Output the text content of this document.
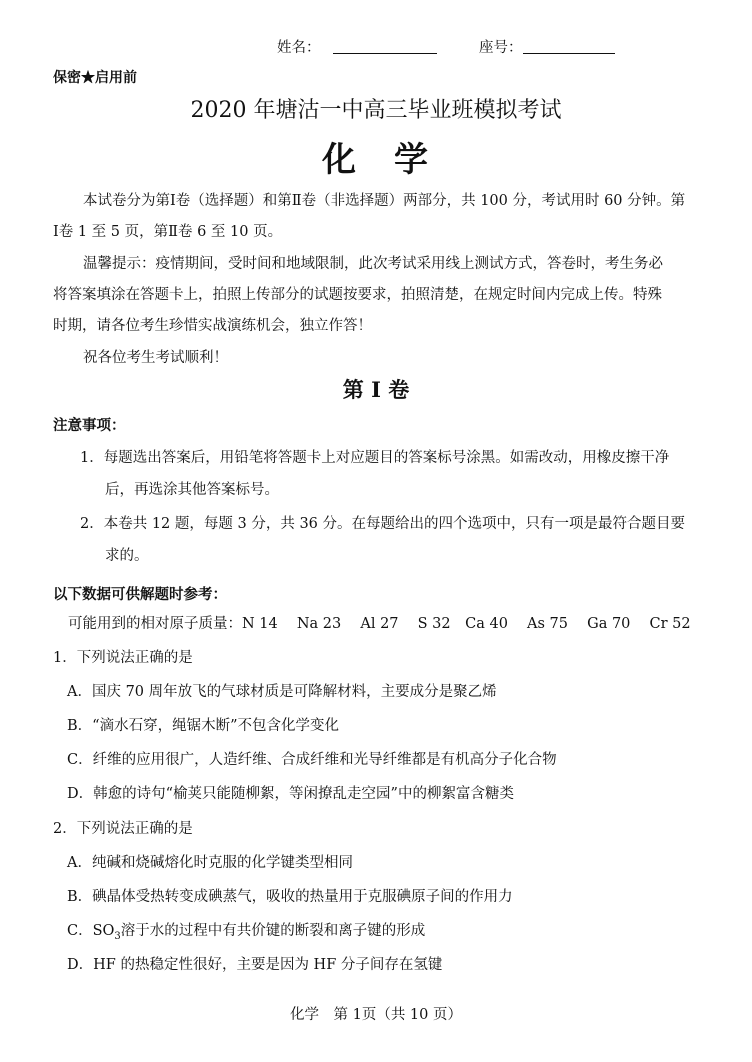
姓名：	座号：
保密★启用前
2020 年塘沽一中高三毕业班模拟考试
化　学
本试卷分为第Ⅰ卷（选择题）和第Ⅱ卷（非选择题）两部分，共 100 分，考试用时 60 分钟。第
Ⅰ卷 1 至 5 页，第Ⅱ卷 6 至 10 页。
温馨提示：疫情期间，受时间和地域限制，此次考试采用线上测试方式，答卷时，考生务必
将答案填涂在答题卡上，拍照上传部分的试题按要求，拍照清楚，在规定时间内完成上传。特殊
时期，请各位考生珍惜实战演练机会，独立作答！
祝各位考生考试顺利！
第 Ⅰ 卷
注意事项：
1．每题选出答案后，用铅笔将答题卡上对应题目的答案标号涂黑。如需改动，用橡皮擦干净
后，再选涂其他答案标号。
2．本卷共 12 题，每题 3 分，共 36 分。在每题给出的四个选项中，只有一项是最符合题目要
求的。
以下数据可供解题时参考：
可能用到的相对原子质量：N 14　 Na 23　 Al 27　 S 32　Ca 40　 As 75　 Ga 70　 Cr 52
1．下列说法正确的是
A．国庆 70 周年放飞的气球材质是可降解材料，主要成分是聚乙烯
B．“滴水石穿，绳锯木断”不包含化学变化
C．纤维的应用很广，人造纤维、合成纤维和光导纤维都是有机高分子化合物
D．韩愈的诗句“榆荚只能随柳絮，等闲撩乱走空园”中的柳絮富含糖类
2．下列说法正确的是
A．纯碱和烧碱熔化时克服的化学键类型相同
B．碘晶体受热转变成碘蒸气，吸收的热量用于克服碘原子间的作用力
C．$SO_3$溶于水的过程中有共价键的断裂和离子键的形成
D．HF 的热稳定性很好，主要是因为 HF 分子间存在氢键
化学　第 1页（共 10 页）
